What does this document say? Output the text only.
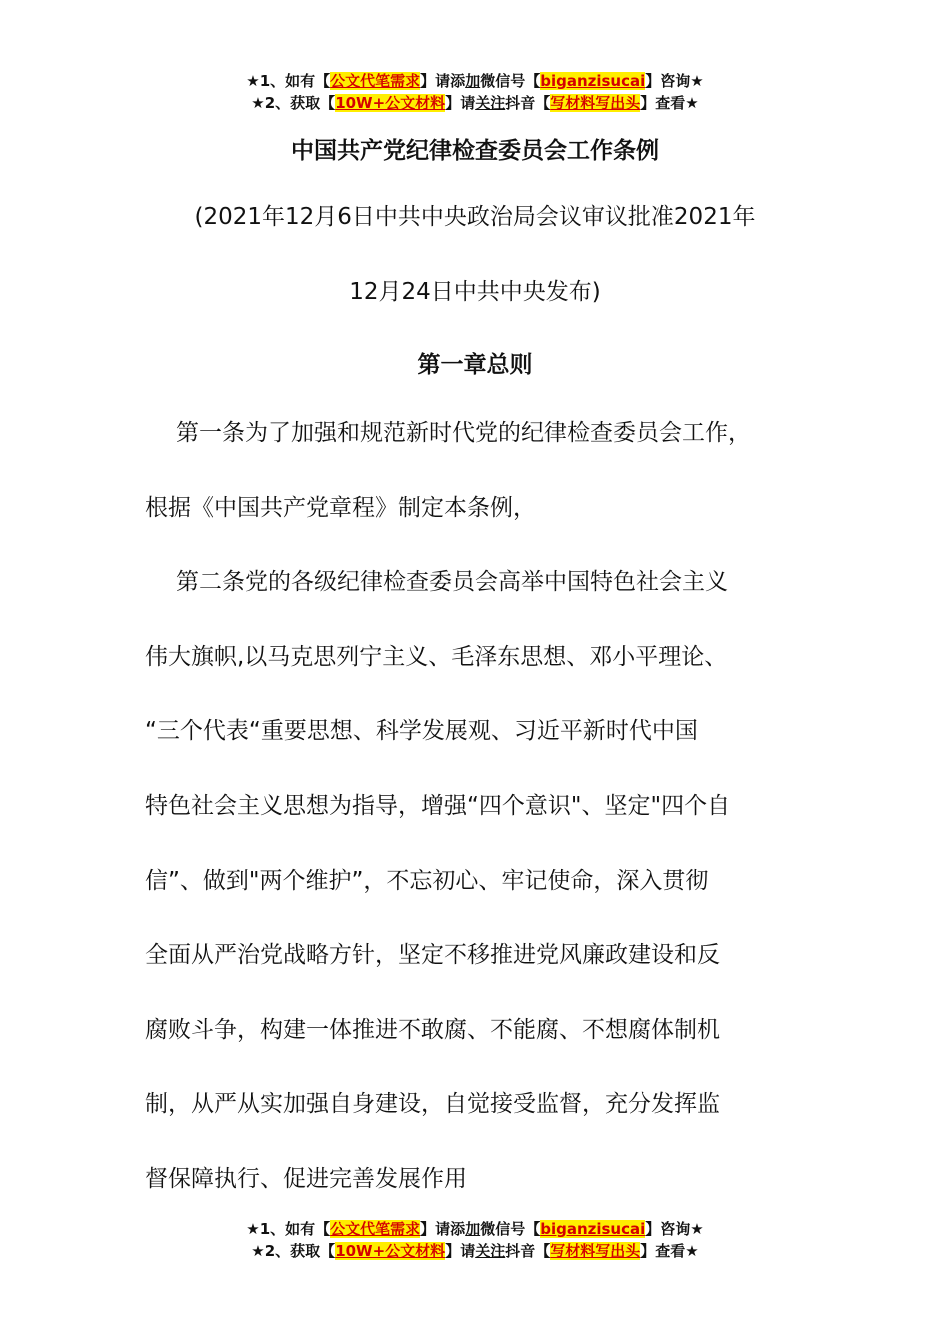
★1、如有【公文代笔需求】请添加微信号【biganzisucai】咨询★
★2、获取【10W+公文材料】请关注抖音【写材料写出头】查看★
中国共产党纪律检查委员会工作条例
(2021年12月6日中共中央政治局会议审议批准2021年
12月24日中共中央发布)
第一章总则
第一条为了加强和规范新时代党的纪律检查委员会工作，
根据《中国共产党章程》制定本条例，
第二条党的各级纪律检查委员会高举中国特色社会主义
伟大旗帜,以马克思列宁主义、毛泽东思想、邓小平理论、
“三个代表“重要思想、科学发展观、习近平新时代中国
特色社会主义思想为指导，增强“四个意识"、坚定"四个自
信”、做到"两个维护”，不忘初心、牢记使命，深入贯彻
全面从严治党战略方针，坚定不移推进党风廉政建设和反
腐败斗争，构建一体推进不敢腐、不能腐、不想腐体制机
制，从严从实加强自身建设，自觉接受监督，充分发挥监
督保障执行、促进完善发展作用
★1、如有【公文代笔需求】请添加微信号【biganzisucai】咨询★
★2、获取【10W+公文材料】请关注抖音【写材料写出头】查看★
